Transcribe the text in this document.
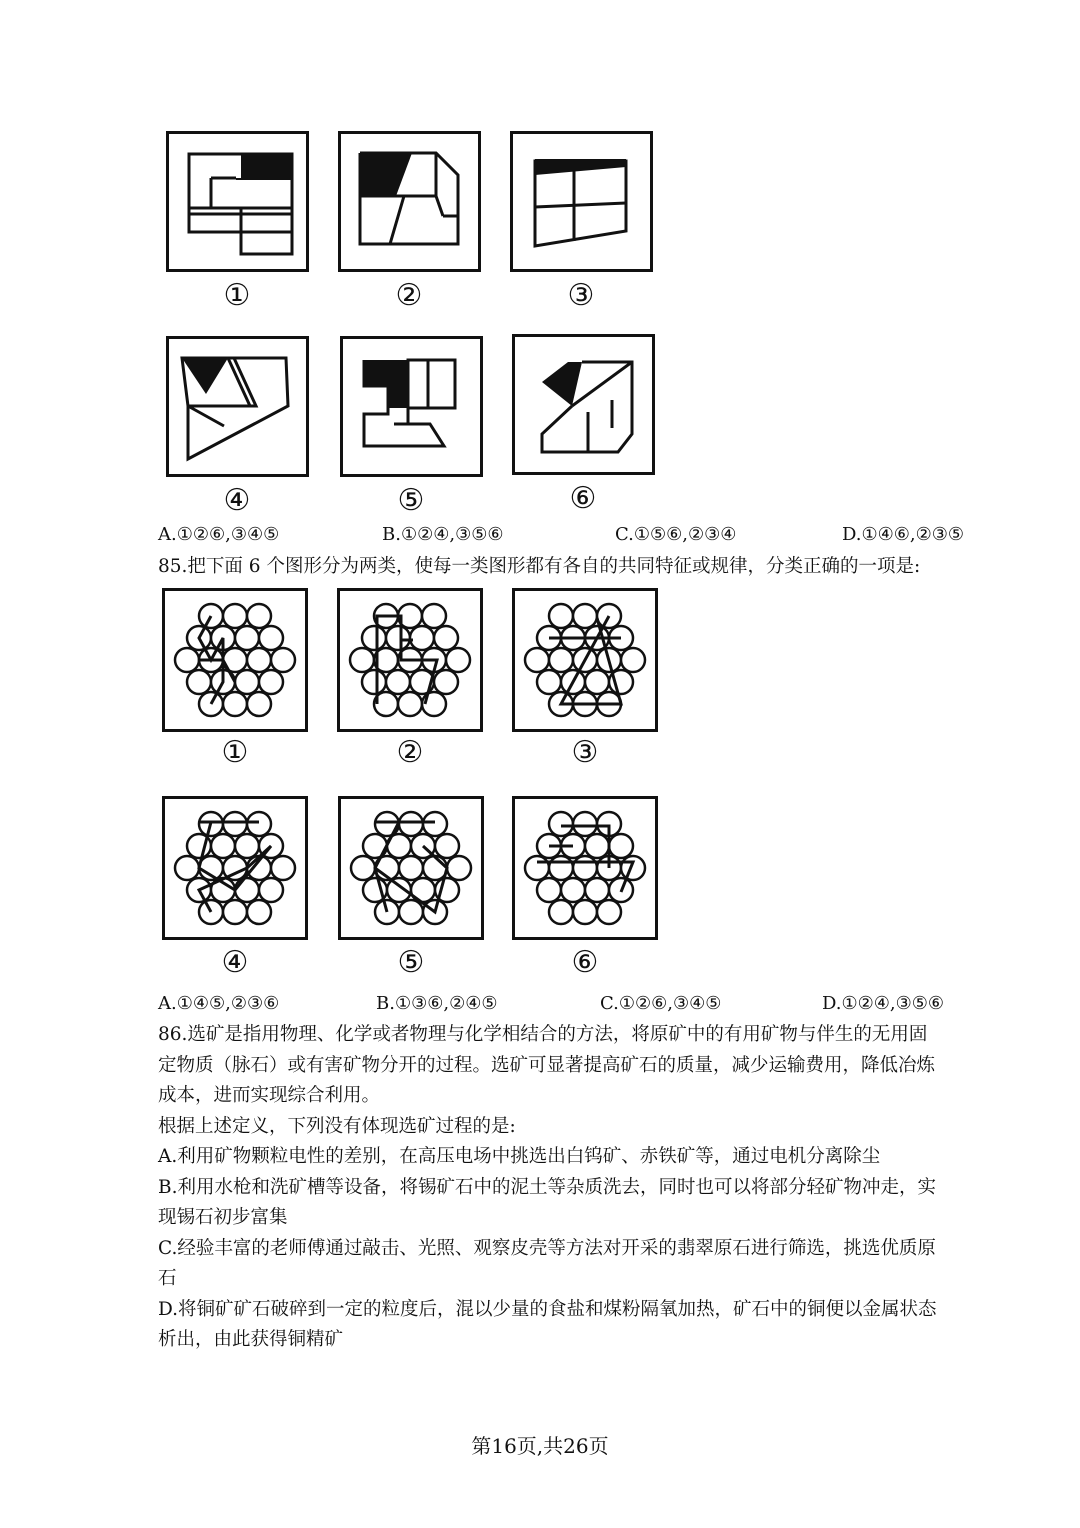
①	②	③
④	⑤	⑥
A.①②⑥,③④⑤	B.①②④,③⑤⑥	C.①⑤⑥,②③④	D.①④⑥,②③⑤
85.把下面 6 个图形分为两类，使每一类图形都有各自的共同特征或规律，分类正确的一项是:
①	②	③
④	⑤	⑥
A.①④⑤,②③⑥	B.①③⑥,②④⑤	C.①②⑥,③④⑤	D.①②④,③⑤⑥

86.选矿是指用物理、化学或者物理与化学相结合的方法，将原矿中的有用矿物与伴生的无用固

定物质（脉石）或有害矿物分开的过程。选矿可显著提高矿石的质量，减少运输费用，降低冶炼

成本，进而实现综合利用。

根据上述定义，下列没有体现选矿过程的是:

A.利用矿物颗粒电性的差别，在高压电场中挑选出白钨矿、赤铁矿等，通过电机分离除尘

B.利用水枪和洗矿槽等设备，将锡矿石中的泥土等杂质洗去，同时也可以将部分轻矿物冲走，实

现锡石初步富集

C.经验丰富的老师傅通过敲击、光照、观察皮壳等方法对开采的翡翠原石进行筛选，挑选优质原

石

D.将铜矿矿石破碎到一定的粒度后，混以少量的食盐和煤粉隔氧加热，矿石中的铜便以金属状态

析出，由此获得铜精矿

第16页,共26页
